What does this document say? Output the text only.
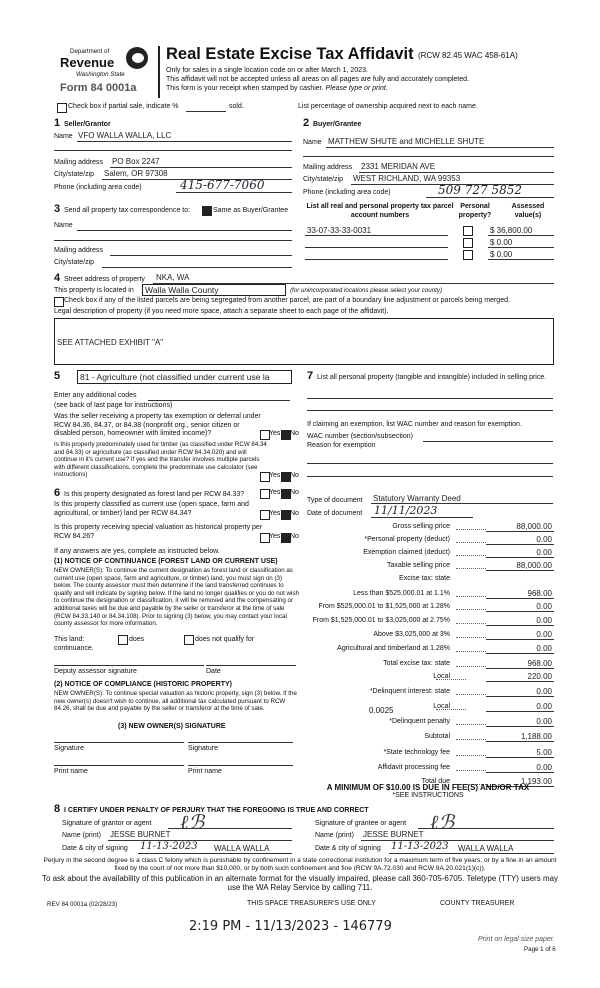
Department of
Revenue
Washington State
Form 84 0001a
Real Estate Excise Tax Affidavit (RCW 82.45 WAC 458-61A)
Only for sales in a single location code on or after March 1, 2023.
This affidavit will not be accepted unless all areas on all pages are fully and accurately completed.
This form is your receipt when stamped by cashier. Please type or print.
Check box if partial sale, indicate %	sold.	List percentage of ownership acquired next to each name.
1 Seller/Grantor
Name VFO WALLA WALLA, LLC
Mailing address PO Box 2247
City/state/zip Salem, OR 97308
Phone (including area code)	415-677-7060
2 Buyer/Grantee
Name MATTHEW SHUTE and MICHELLE SHUTE
Mailing address 2331 MERIDAN AVE
City/state/zip WEST RICHLAND, WA 99353
Phone (including area code)	509 727 5852
3 Send all property tax correspondence to:	Same as Buyer/Grantee
Name
Mailing address
City/state/zip
List all real and personal property tax parcel account numbers
Personal property?
Assessed value(s)
33-07-33-33-0031	$ 36,800.00
$ 0.00
$ 0.00
4 Street address of property NKA, WA
This property is located in	Walla Walla County	(for unincorporated locations please select your county)
Check box if any of the listed parcels are being segregated from another parcel, are part of a boundary line adjustment or parcels being merged.
Legal description of property (if you need more space, attach a separate sheet to each page of the affidavit).
SEE ATTACHED EXHIBIT "A"
5 81 - Agriculture (not classified under current use la
Enter any additional codes
(see back of last page for instructions)
Was the seller receiving a property tax exemption or deferral under RCW 84.36, 84.37, or 84.38 (nonprofit org., senior citizen or disabled person, homeowner with limited income)?	Yes No
Is this property predominately used for timber (as classified under RCW 84.34 and 84.33) or agriculture (as classified under RCW 84.34.020) and will continue in it's current use? If yes and the transfer involves multiple parcels with different classifications, complete the predominate use calculator (see instructions)	Yes No
7 List all personal property (tangible and intangible) included in selling price.
If claiming an exemption, list WAC number and reason for exemption.
WAC number (section/subsection)
Reason for exemption
6 Is this property designated as forest land per RCW 84.33?	Yes No
Is this property classified as current use (open space, farm and agricultural, or timber) land per RCW 84.34?	Yes No
Is this property receiving special valuation as historical property per RCW 84.26?	Yes No
If any answers are yes, complete as instructed below.
(1) NOTICE OF CONTINUANCE (FOREST LAND OR CURRENT USE)
NEW OWNER(S): To continue the current designation as forest land or classification as current use (open space, farm and agriculture, or timber) land, you must sign on (3) below. The county assessor must then determine if the land transferred continues to qualify and will indicate by signing below. If the land no longer qualifies or you do not wish to continue the designation or classification, it will be removed and the compensating or additional taxes will be due and payable by the seller or transferor at the time of sale (RCW 84.33.140 or 84.34.108). Prior to signing (3) below, you may contact your local county assessor for more information.
This land:	does	does not qualify for
continuance.
Deputy assessor signature	Date
(2) NOTICE OF COMPLIANCE (HISTORIC PROPERTY)
NEW OWNER(S): To continue special valuation as historic property, sign (3) below. If the new owner(s) doesn't wish to continue, all additional tax calculated pursuant to RCW 84.26, shall be due and payable by the seller or transferor at the time of sale.
(3) NEW OWNER(S) SIGNATURE
Signature	Signature
Print name	Print name
Type of document Statutory Warranty Deed
Date of document 11/11/2023
Gross selling price	88,000.00
*Personal property (deduct)	0.00
Exemption claimed (deduct)	0.00
Taxable selling price	88,000.00
Excise tax: state
Less than $525,000.01 at 1.1%	968.00
From $525,000.01 to $1,525,000 at 1.28%	0.00
From $1,525,000.01 to $3,025,000 at 2.75%	0.00
Above $3,025,000 at 3%	0.00
Agricultural and timberland at 1.28%	0.00
Total excise tax: state	968.00
Local	220.00
*Delinquent interest: state	0.00
Local	0.00
*Delinquent penalty	0.00
Subtotal	1,188.00
*State technology fee	5.00
Affidavit processing fee	0.00
Total due	1,193.00
0.0025
A MINIMUM OF $10.00 IS DUE IN FEE(S) AND/OR TAX
*SEE INSTRUCTIONS
8 I CERTIFY UNDER PENALTY OF PERJURY THAT THE FOREGOING IS TRUE AND CORRECT
Signature of grantor or agent ℓℬ
Name (print) JESSE BURNET
Date & city of signing 11-13-2023 WALLA WALLA
Signature of grantee or agent ℓℬ
Name (print) JESSE BURNET
Date & city of signing 11-13-2023 WALLA WALLA
Perjury in the second degree is a class C felony which is punishable by confinement in a state correctional institution for a maximum term of five years, or by a fine in an amount fixed by the court of not more than $10,000, or by both such confinement and fine (RCW 9A.72.030 and RCW 9A.20.021(1)(c)).
To ask about the availability of this publication in an alternate format for the visually impaired, please call 360-705-6705. Teletype (TTY) users may use the WA Relay Service by calling 711.
REV 84 0001a (02/28/23)	THIS SPACE TREASURER'S USE ONLY	COUNTY TREASURER
2:19 PM - 11/13/2023 - 146779
Print on legal size paper.
Page 1 of 6
